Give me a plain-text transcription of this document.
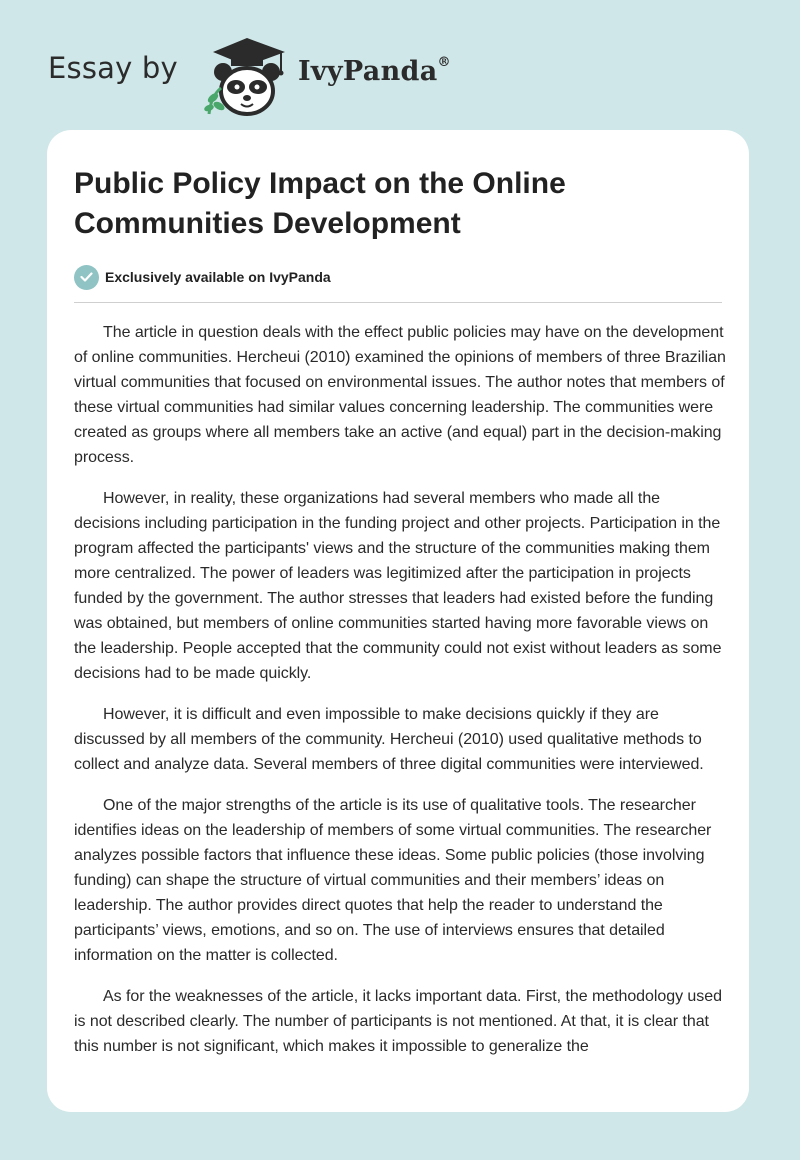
Essay by	IvyPanda®
Public Policy Impact on the Online Communities Development
Exclusively available on IvyPanda

The article in question deals with the effect public policies may have on the development of online communities. Hercheui (2010) examined the opinions of members of three Brazilian virtual communities that focused on environmental issues. The author notes that members of these virtual communities had similar values concerning leadership. The communities were created as groups where all members take an active (and equal) part in the decision-making process.

However, in reality, these organizations had several members who made all the decisions including participation in the funding project and other projects. Participation in the program affected the participants' views and the structure of the communities making them more centralized. The power of leaders was legitimized after the participation in projects funded by the government. The author stresses that leaders had existed before the funding was obtained, but members of online communities started having more favorable views on the leadership. People accepted that the community could not exist without leaders as some decisions had to be made quickly.

However, it is difficult and even impossible to make decisions quickly if they are discussed by all members of the community. Hercheui (2010) used qualitative methods to collect and analyze data. Several members of three digital communities were interviewed.

One of the major strengths of the article is its use of qualitative tools. The researcher identifies ideas on the leadership of members of some virtual communities. The researcher analyzes possible factors that influence these ideas. Some public policies (those involving funding) can shape the structure of virtual communities and their members’ ideas on leadership. The author provides direct quotes that help the reader to understand the participants’ views, emotions, and so on. The use of interviews ensures that detailed information on the matter is collected.

As for the weaknesses of the article, it lacks important data. First, the methodology used is not described clearly. The number of participants is not mentioned. At that, it is clear that this number is not significant, which makes it impossible to generalize the
